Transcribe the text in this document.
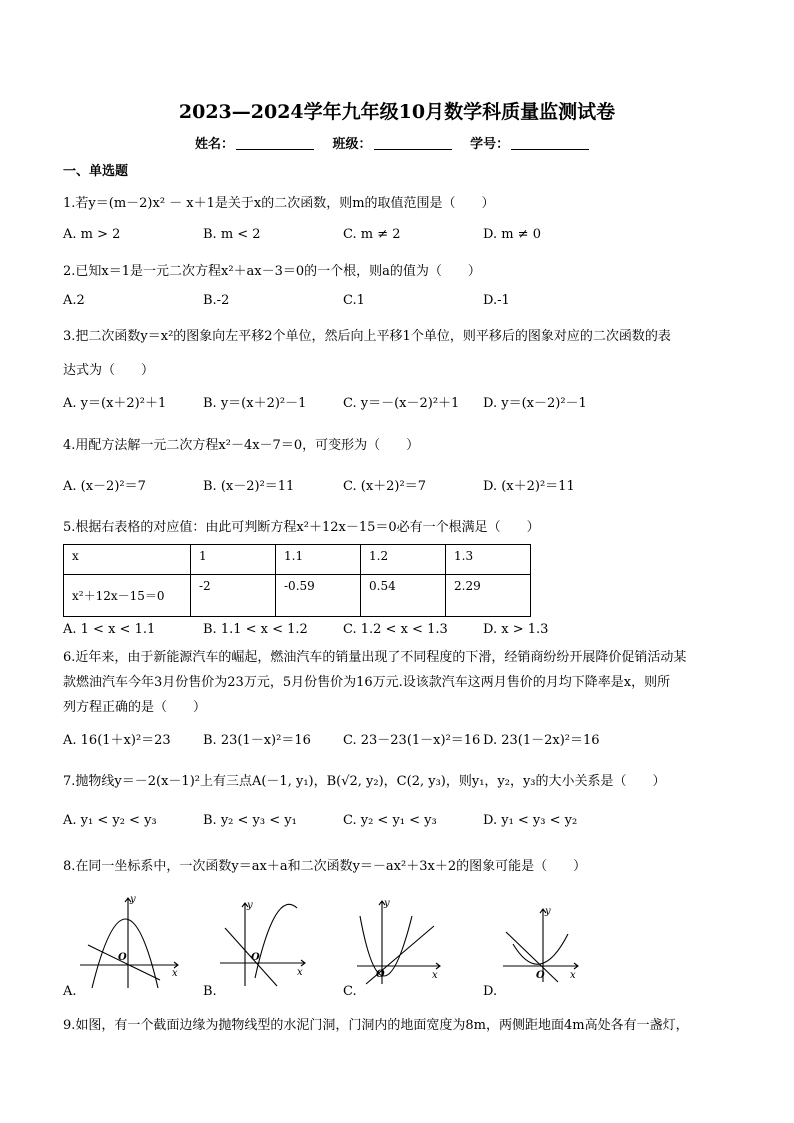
2023—2024学年九年级10月数学科质量监测试卷
姓名：	班级：	学号：
一、单选题
1.若y＝(m－2)x² － x＋1是关于x的二次函数，则m的取值范围是（　　）
A. m > 2	B. m < 2	C. m ≠ 2	D. m ≠ 0
2.已知x＝1是一元二次方程x²＋ax－3＝0的一个根，则a的值为（　　）
A.2	B.-2	C.1	D.-1
3.把二次函数y＝x²的图象向左平移2个单位，然后向上平移1个单位，则平移后的图象对应的二次函数的表
达式为（　　）
A. y＝(x＋2)²＋1	B. y＝(x＋2)²－1	C. y＝－(x－2)²＋1 D. y＝(x－2)²－1
4.用配方法解一元二次方程x²－4x－7＝0，可变形为（　　）
A. (x－2)²＝7	B. (x－2)²＝11	C. (x＋2)²＝7	D. (x＋2)²＝11
5.根据右表格的对应值：由此可判断方程x²＋12x－15＝0必有一个根满足（　　）
x	1	1.1	1.2	1.3
x²＋12x－15＝0	-2	-0.59	0.54	2.29
A. 1 < x < 1.1	B. 1.1 < x < 1.2	C. 1.2 < x < 1.3	D. x > 1.3
6.近年来，由于新能源汽车的崛起，燃油汽车的销量出现了不同程度的下滑，经销商纷纷开展降价促销活动某
款燃油汽车今年3月份售价为23万元，5月份售价为16万元.设该款汽车这两月售价的月均下降率是x，则所
列方程正确的是（　　）
A. 16(1＋x)²＝23 B. 23(1－x)²＝16 C. 23－23(1－x)²＝16 D. 23(1－2x)²＝16
7.抛物线y＝－2(x－1)²上有三点A(－1, y₁)，B(√2, y₂)，C(2, y₃)，则y₁，y₂，y₃的大小关系是（　　）
A. y₁ < y₂ < y₃	B. y₂ < y₃ < y₁	C. y₂ < y₁ < y₃	D. y₁ < y₃ < y₂
8.在同一坐标系中，一次函数y＝ax＋a和二次函数y＝－ax²＋3x＋2的图象可能是（　　）
y
x
O
A.
y
x
O
B.
y
x
O
C.
y
x
O
D.
9.如图，有一个截面边缘为抛物线型的水泥门洞，门洞内的地面宽度为8m，两侧距地面4m高处各有一盏灯，
